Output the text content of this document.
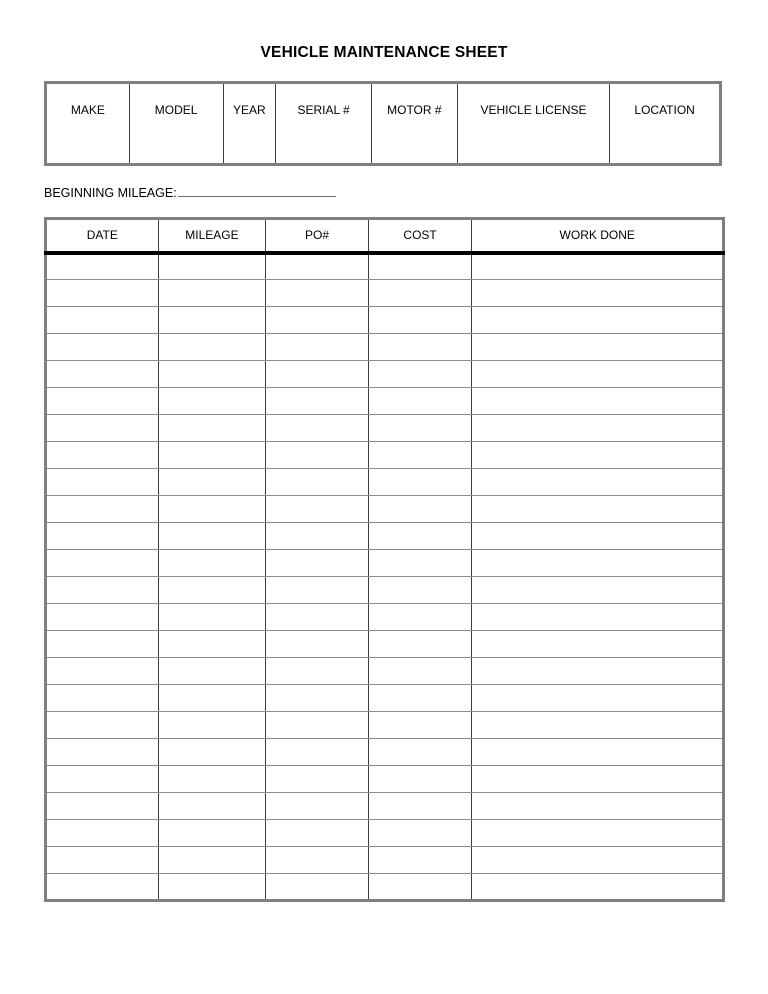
VEHICLE MAINTENANCE SHEET
MAKE	MODEL	YEAR	SERIAL #	MOTOR #	VEHICLE LICENSE	LOCATION
BEGINNING MILEAGE:
DATE	MILEAGE	PO#	COST	WORK DONE
